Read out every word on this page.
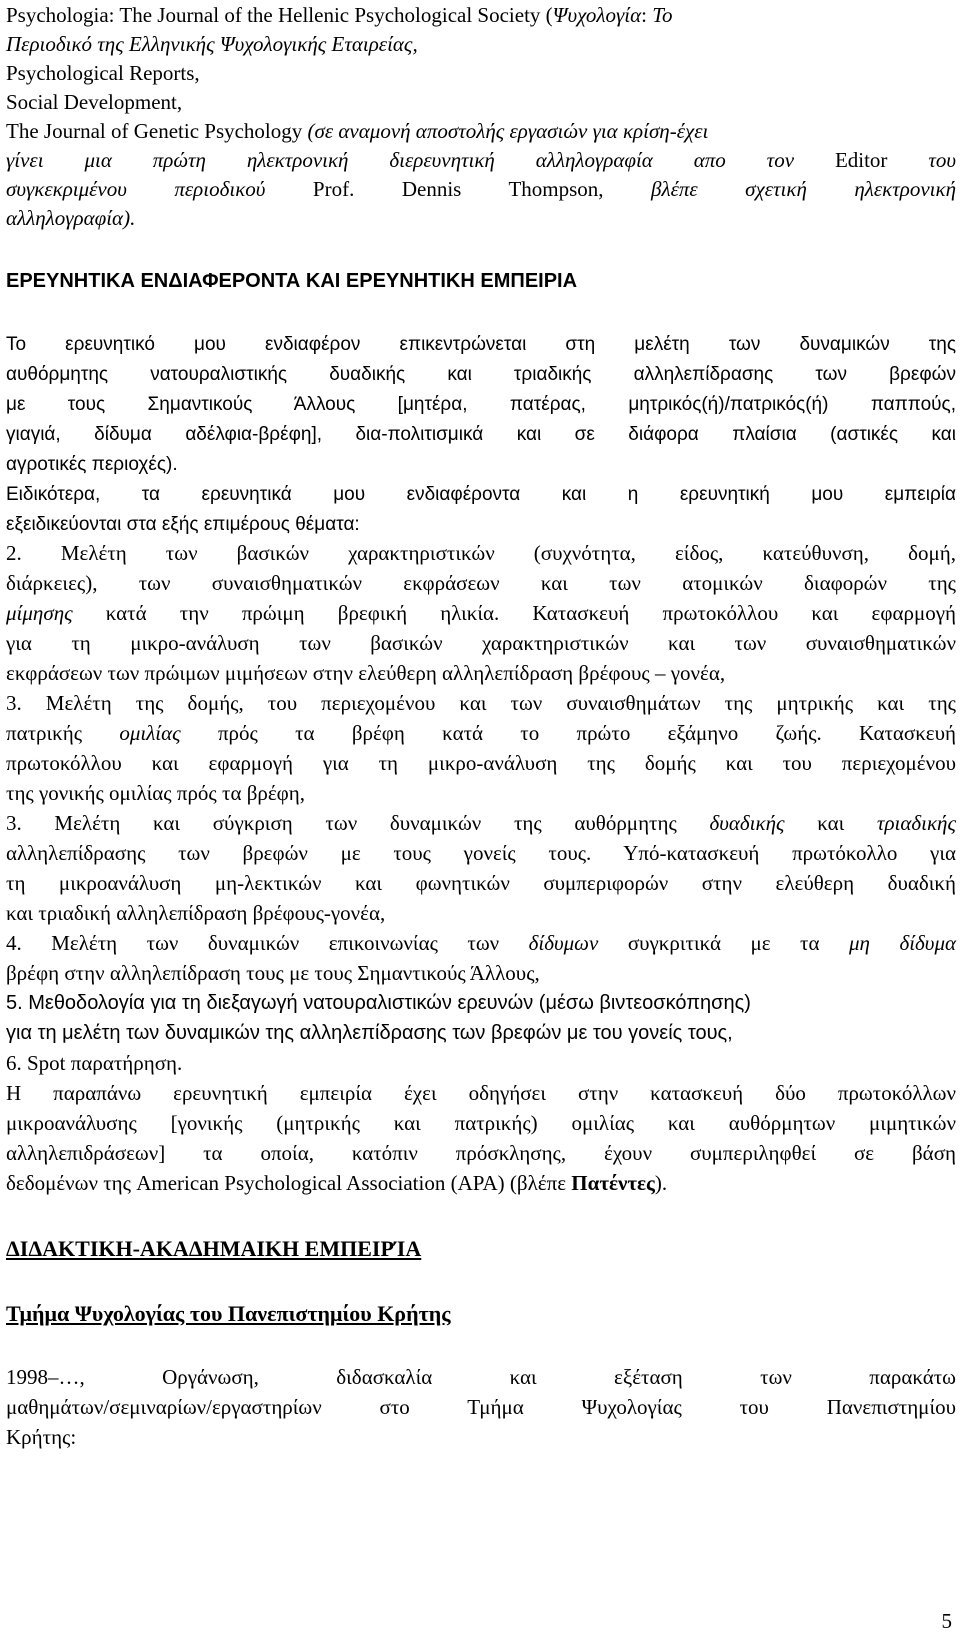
Psychologia: The Journal of the Hellenic Psychological Society (Ψυχολογία: Το
Περιοδικό της Ελληνικής Ψυχολογικής Εταιρείας,
Psychological Reports,
Social Development,
The Journal of Genetic Psychology (σε αναμονή αποστολής εργασιών για κρίση-έχει
γίνει μια πρώτη ηλεκτρονική διερευνητική αλληλογραφία απο τον Editor του
συγκεκριμένου περιοδικού Prof. Dennis Thompson, βλέπε σχετική ηλεκτρονική
αλληλογραφία).
ΕΡΕΥΝΗΤΙΚΑ ΕΝΔΙΑΦΕΡΟΝΤΑ ΚΑΙ ΕΡΕΥΝΗΤΙΚΗ ΕΜΠΕΙΡΙΑ
Το ερευνητικό μου ενδιαφέρον επικεντρώνεται στη μελέτη των δυναμικών της
αυθόρμητης νατουραλιστικής δυαδικής και τριαδικής αλληλεπίδρασης των βρεφών
με τους Σημαντικούς Άλλους [μητέρα, πατέρας, μητρικός(ή)/πατρικός(ή) παππούς,
γιαγιά, δίδυμα αδέλφια-βρέφη], δια-πολιτισμικά και σε διάφορα πλαίσια (αστικές και
αγροτικές περιοχές).
Ειδικότερα, τα ερευνητικά μου ενδιαφέροντα και η ερευνητική μου εμπειρία
εξειδικεύονται στα εξής επιμέρους θέματα:
2. Μελέτη των βασικών χαρακτηριστικών (συχνότητα, είδος, κατεύθυνση, δομή,
διάρκειες), των συναισθηματικών εκφράσεων και των ατομικών διαφορών της
μίμησης κατά την πρώιμη βρεφική ηλικία. Κατασκευή πρωτοκόλλου και εφαρμογή
για τη μικρο-ανάλυση των βασικών χαρακτηριστικών και των συναισθηματικών
εκφράσεων των πρώιμων μιμήσεων στην ελεύθερη αλληλεπίδραση βρέφους – γονέα,
3. Μελέτη της δομής, του περιεχομένου και των συναισθημάτων της μητρικής και της
πατρικής ομιλίας πρός τα βρέφη κατά το πρώτο εξάμηνο ζωής. Κατασκευή
πρωτοκόλλου και εφαρμογή για τη μικρο-ανάλυση της δομής και του περιεχομένου
της γονικής ομιλίας πρός τα βρέφη,
3. Μελέτη και σύγκριση των δυναμικών της αυθόρμητης δυαδικής και τριαδικής
αλληλεπίδρασης των βρεφών με τους γονείς τους. Υπό-κατασκευή πρωτόκολλο για
τη μικροανάλυση μη-λεκτικών και φωνητικών συμπεριφορών στην ελεύθερη δυαδική
και τριαδική αλληλεπίδραση βρέφους-γονέα,
4. Μελέτη των δυναμικών επικοινωνίας των δίδυμων συγκριτικά με τα μη δίδυμα
βρέφη στην αλληλεπίδραση τους με τους Σημαντικούς Άλλους,
5. Μεθοδολογία για τη διεξαγωγή νατουραλιστικών ερευνών (μέσω βιντεοσκόπησης)
για τη μελέτη των δυναμικών της αλληλεπίδρασης των βρεφών με του γονείς τους,
6. Spot παρατήρηση.
Η παραπάνω ερευνητική εμπειρία έχει οδηγήσει στην κατασκευή δύο πρωτοκόλλων
μικροανάλυσης [γονικής (μητρικής και πατρικής) ομιλίας και αυθόρμητων μιμητικών
αλληλεπιδράσεων] τα οποία, κατόπιν πρόσκλησης, έχουν συμπεριληφθεί σε βάση
δεδομένων της American Psychological Association (APA) (βλέπε Πατέντες).
ΔΙΔΑΚΤΙΚΗ-ΑΚΑΔΗΜΑΙΚΗ ΕΜΠΕΙΡΊΑ
Τμήμα Ψυχολογίας του Πανεπιστημίου Κρήτης
1998–…, Οργάνωση, διδασκαλία και εξέταση των παρακάτω
μαθημάτων/σεμιναρίων/εργαστηρίων στο Τμήμα Ψυχολογίας του Πανεπιστημίου
Κρήτης:
5
